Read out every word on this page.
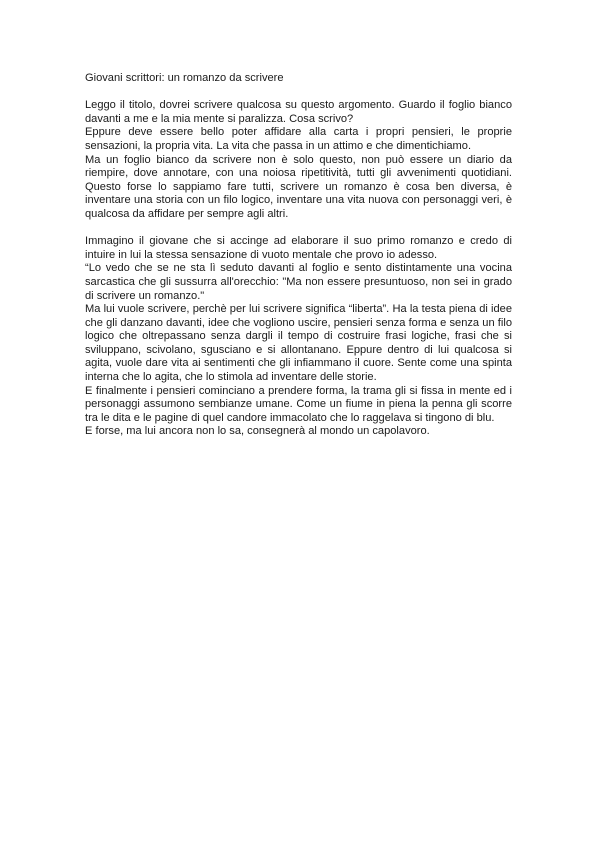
Giovani scrittori: un romanzo da scrivere

Leggo il titolo, dovrei scrivere qualcosa su questo argomento. Guardo il foglio bianco davanti a me e la mia mente si paralizza. Cosa scrivo?

Eppure deve essere bello poter affidare alla carta i propri pensieri, le proprie sensazioni, la propria vita. La vita che passa in un attimo e che dimentichiamo.

Ma un foglio bianco da scrivere non è solo questo, non può essere un diario da riempire, dove annotare, con una noiosa ripetitività, tutti gli avvenimenti quotidiani. Questo forse lo sappiamo fare tutti, scrivere un romanzo è cosa ben diversa, è inventare una storia con un filo logico, inventare una vita nuova con personaggi veri, è qualcosa da affidare per sempre agli altri.

Immagino il giovane che si accinge ad elaborare il suo primo romanzo e credo di intuire in lui la stessa sensazione di vuoto mentale che provo io adesso.

“Lo vedo che se ne sta lì seduto davanti al foglio e sento distintamente una vocina sarcastica che gli sussurra all'orecchio: "Ma non essere presuntuoso, non sei in grado di scrivere un romanzo."

Ma lui vuole scrivere, perchè per lui scrivere significa “liberta”. Ha la testa piena di idee che gli danzano davanti, idee che vogliono uscire, pensieri senza forma e senza un filo logico che oltrepassano senza dargli il tempo di costruire frasi logiche, frasi che si sviluppano, scivolano, sgusciano e si allontanano. Eppure dentro di lui qualcosa si agita, vuole dare vita ai sentimenti che gli infiammano il cuore. Sente come una spinta interna che lo agita, che lo stimola ad inventare delle storie.

E finalmente i pensieri cominciano a prendere forma, la trama gli si fissa in mente ed i personaggi assumono sembianze umane. Come un fiume in piena la penna gli scorre tra le dita e le pagine di quel candore immacolato che lo raggelava si tingono di blu.

E forse, ma lui ancora non lo sa, consegnerà al mondo un capolavoro.
